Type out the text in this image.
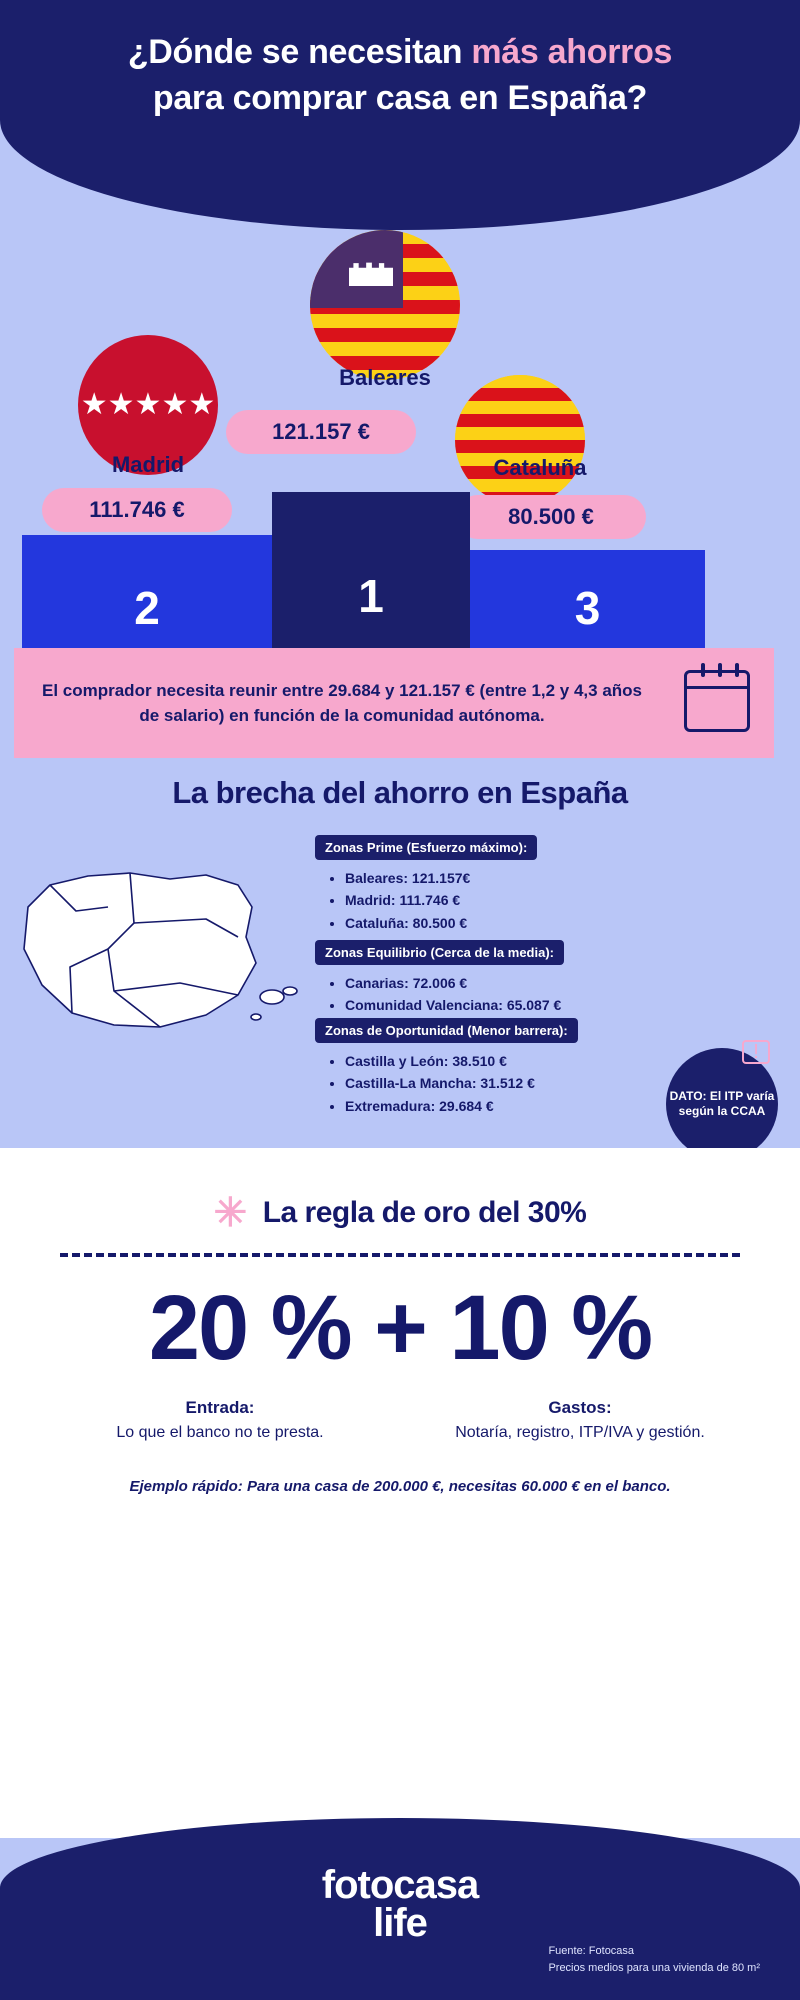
¿Dónde se necesitan más ahorros para comprar casa en España?
★★★★★
Madrid
Baleares
Cataluña
111.746 €
121.157 €
80.500 €
2	1	3

El comprador necesita reunir entre 29.684 y 121.157 € (entre 1,2 y 4,3 años de salario) en función de la comunidad autónoma.

La brecha del ahorro en España
Zonas Prime (Esfuerzo máximo):
• Baleares: 121.157€
• Madrid: 111.746 €
• Cataluña: 80.500 €
Zonas Equilibrio (Cerca de la media):
• Canarias: 72.006 €
• Comunidad Valenciana: 65.087 €
Zonas de Oportunidad (Menor barrera):
• Castilla y León: 38.510 €
• Castilla-La Mancha: 31.512 €
• Extremadura: 29.684 €
DATO: El ITP varía según la CCAA
!
✳ La regla de oro del 30%
20 % + 10 %
Entrada:
Lo que el banco no te presta.
Gastos:
Notaría, registro, ITP/IVA y gestión.
Ejemplo rápido: Para una casa de 200.000 €, necesitas 60.000 € en el banco.
fotocasa
life
Fuente: Fotocasa
Precios medios para una vivienda de 80 m²
